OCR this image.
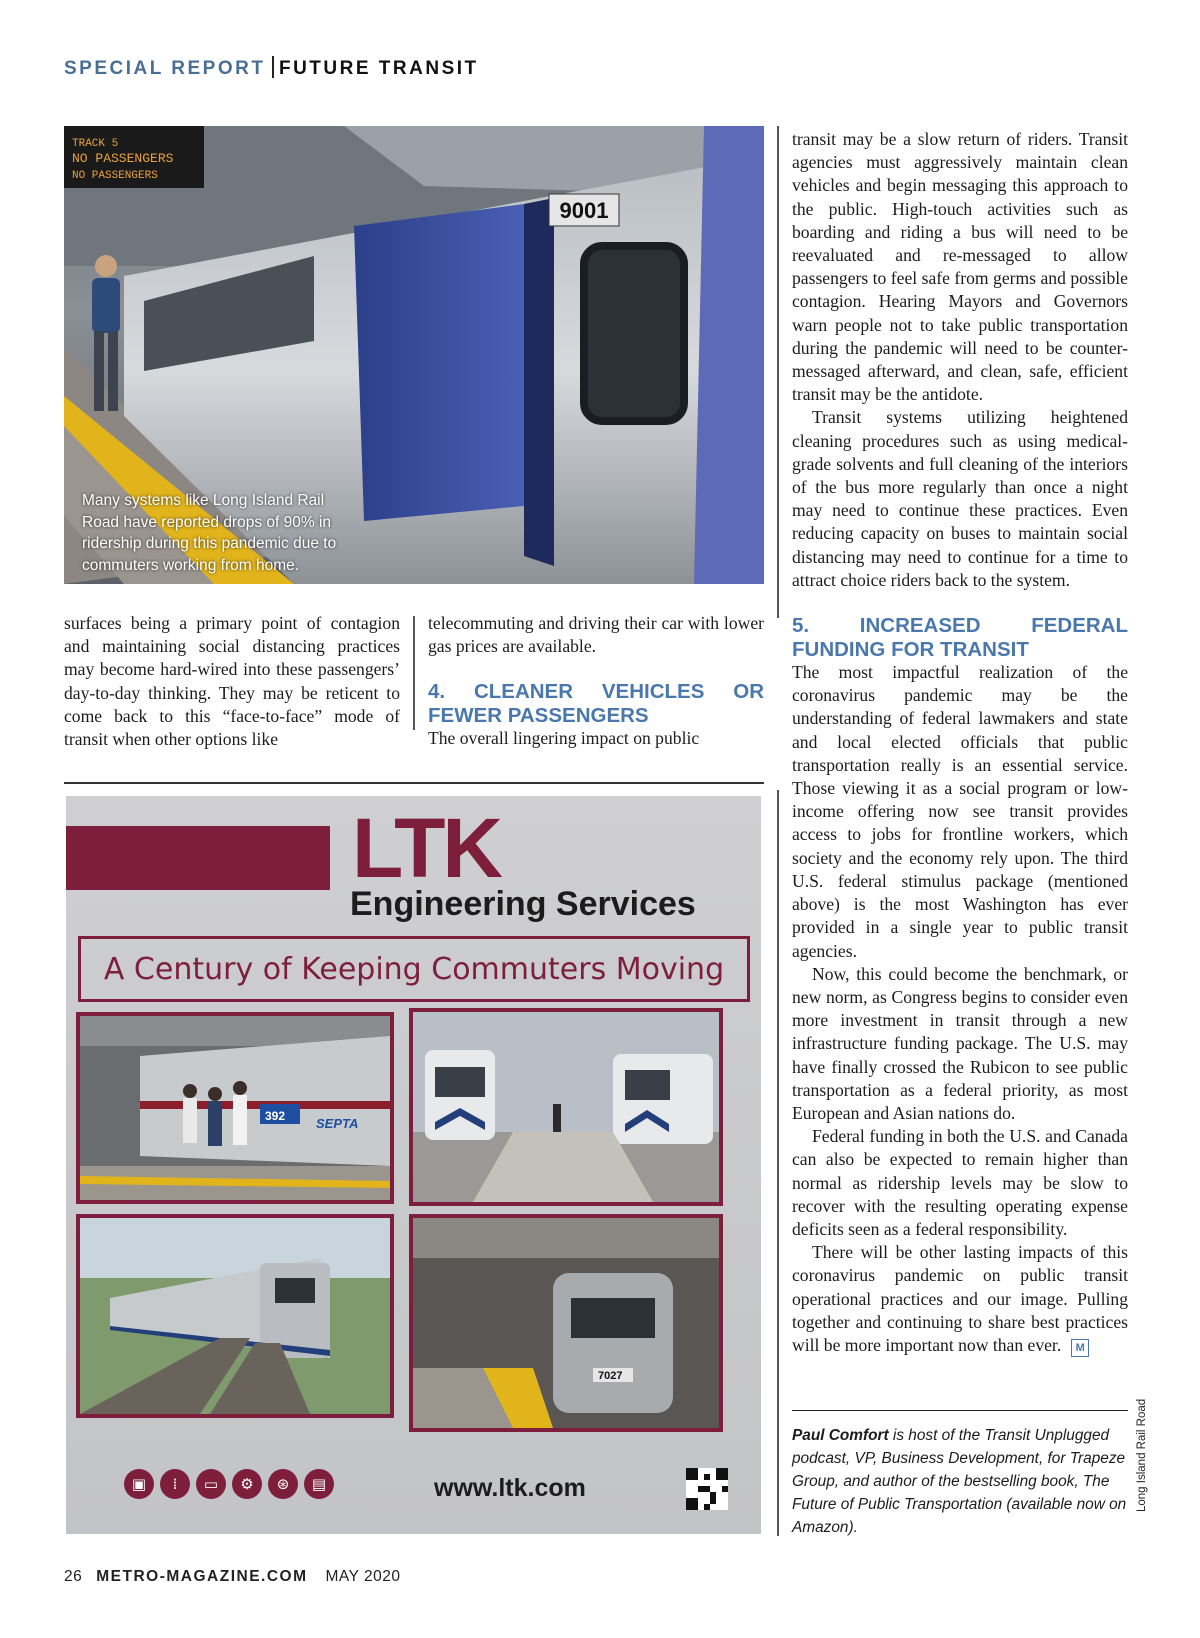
SPECIAL REPORT FUTURE TRANSIT
9001
TRACK 5
NO PASSENGERS
NO PASSENGERS
Many systems like Long Island Rail Road have reported drops of 90% in ridership during this pandemic due to commuters working from home.

surfaces being a primary point of contagion and maintaining social distancing practices may become hard-wired into these passengers’ day-to-day thinking. They may be reticent to come back to this “face-to-face” mode of transit when other options like

telecommuting and driving their car with lower gas prices are available.

4. CLEANER VEHICLES OR FEWER PASSENGERS

The overall lingering impact on public

transit may be a slow return of riders. Transit agencies must aggressively maintain clean vehicles and begin messaging this approach to the public. High-touch activities such as boarding and riding a bus will need to be reevaluated and re-messaged to allow passengers to feel safe from germs and possible contagion. Hearing Mayors and Governors warn people not to take public transportation during the pandemic will need to be counter-messaged afterward, and clean, safe, efficient transit may be the antidote.

Transit systems utilizing heightened cleaning procedures such as using medical-grade solvents and full cleaning of the interiors of the bus more regularly than once a night may need to continue these practices. Even reducing capacity on buses to maintain social distancing may need to continue for a time to attract choice riders back to the system.

5. INCREASED FEDERAL FUNDING FOR TRANSIT

The most impactful realization of the coronavirus pandemic may be the understanding of federal lawmakers and state and local elected officials that public transportation really is an essential service. Those viewing it as a social program or low-income offering now see transit provides access to jobs for frontline workers, which society and the economy rely upon. The third U.S. federal stimulus package (mentioned above) is the most Washington has ever provided in a single year to public transit agencies.

Now, this could become the benchmark, or new norm, as Congress begins to consider even more investment in transit through a new infrastructure funding package. The U.S. may have finally crossed the Rubicon to see public transportation as a federal priority, as most European and Asian nations do.

Federal funding in both the U.S. and Canada can also be expected to remain higher than normal as ridership levels may be slow to recover with the resulting operating expense deficits seen as a federal responsibility.

There will be other lasting impacts of this coronavirus pandemic on public transit operational practices and our image. Pulling together and continuing to share best practices will be more important now than ever. M

LTK
Engineering Services
A Century of Keeping Commuters Moving
392 SEPTA
7027
▣	⁞	▭	⚙	⊛	▤	www.ltk.com
Paul Comfort is host of the Transit Unplugged podcast, VP, Business Development, for Trapeze Group, and author of the bestselling book, The Future of Public Transportation (available now on Amazon).
Long Island Rail Road
26 METRO-MAGAZINE.COM MAY 2020
